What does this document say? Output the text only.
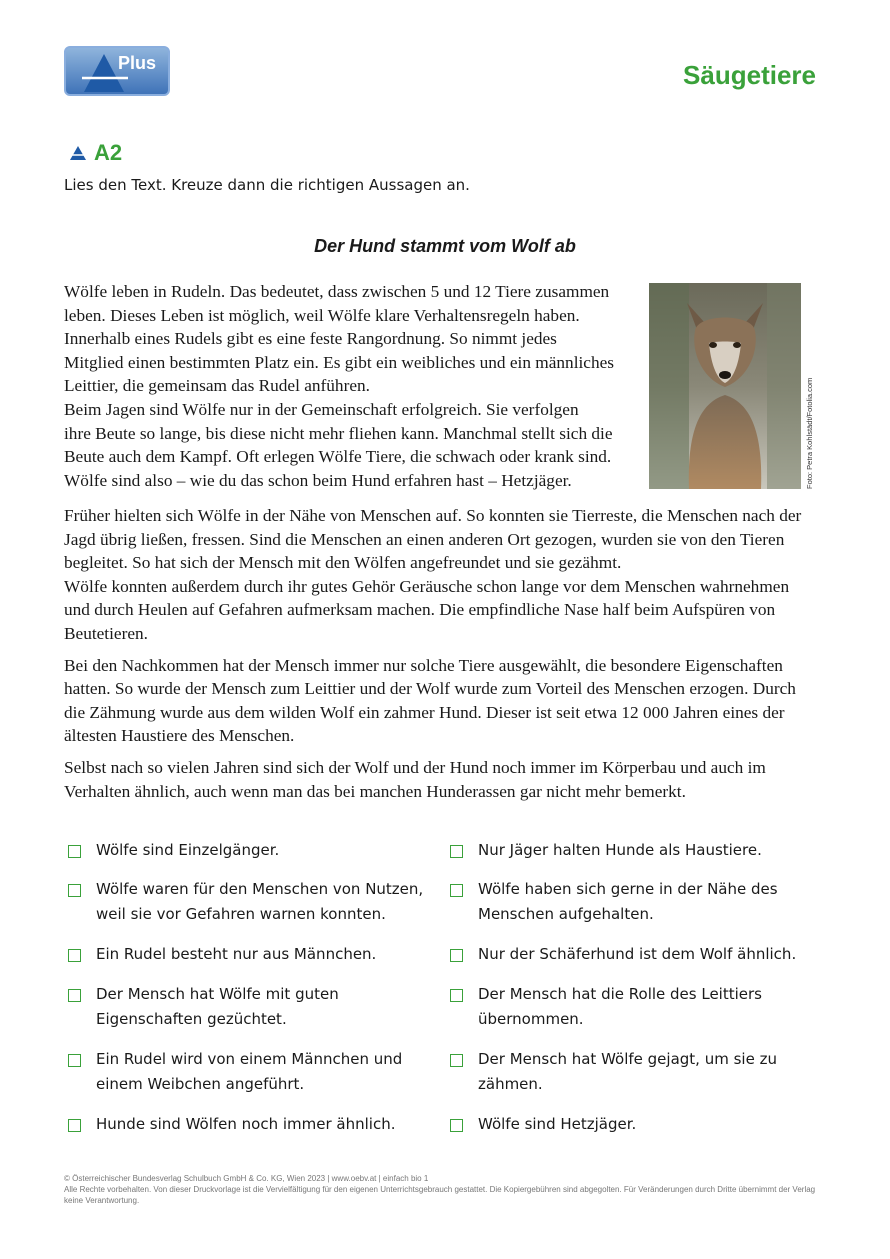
Plus	Säugetiere
A2
Lies den Text. Kreuze dann die richtigen Aussagen an.
Der Hund stammt vom Wolf ab

Wölfe leben in Rudeln. Das bedeutet, dass zwischen 5 und 12 Tiere zusammen

leben. Dieses Leben ist möglich, weil Wölfe klare Verhaltensregeln haben.

Innerhalb eines Rudels gibt es eine feste Rangordnung. So nimmt jedes

Mitglied einen bestimmten Platz ein. Es gibt ein weibliches und ein männliches

Leittier, die gemeinsam das Rudel anführen.

Beim Jagen sind Wölfe nur in der Gemeinschaft erfolgreich. Sie verfolgen

ihre Beute so lange, bis diese nicht mehr fliehen kann. Manchmal stellt sich die

Beute auch dem Kampf. Oft erlegen Wölfe Tiere, die schwach oder krank sind.

Wölfe sind also – wie du das schon beim Hund erfahren hast – Hetzjäger.	Foto: Petra Kohlstädt/Fotolia.com

Früher hielten sich Wölfe in der Nähe von Menschen auf. So konnten sie Tierreste, die Menschen nach der Jagd übrig ließen, fressen. Sind die Menschen an einen anderen Ort gezogen, wurden sie von den Tieren begleitet. So hat sich der Mensch mit den Wölfen angefreundet und sie gezähmt.

Wölfe konnten außerdem durch ihr gutes Gehör Geräusche schon lange vor dem Menschen wahrnehmen und durch Heulen auf Gefahren aufmerksam machen. Die empfindliche Nase half beim Aufspüren von Beutetieren.

Bei den Nachkommen hat der Mensch immer nur solche Tiere ausgewählt, die besondere Eigenschaften hatten. So wurde der Mensch zum Leittier und der Wolf wurde zum Vorteil des Menschen erzogen. Durch die Zähmung wurde aus dem wilden Wolf ein zahmer Hund. Dieser ist seit etwa 12 000 Jahren eines der ältesten Haustiere des Menschen.

Selbst nach so vielen Jahren sind sich der Wolf und der Hund noch immer im Körperbau und auch im Verhalten ähnlich, auch wenn man das bei manchen Hunderassen gar nicht mehr bemerkt.

Wölfe sind Einzelgänger.
Wölfe waren für den Menschen von Nutzen,
weil sie vor Gefahren warnen konnten.
Ein Rudel besteht nur aus Männchen.
Der Mensch hat Wölfe mit guten
Eigenschaften gezüchtet.
Ein Rudel wird von einem Männchen und
einem Weibchen angeführt.
Hunde sind Wölfen noch immer ähnlich.
Nur Jäger halten Hunde als Haustiere.
Wölfe haben sich gerne in der Nähe des
Menschen aufgehalten.
Nur der Schäferhund ist dem Wolf ähnlich.
Der Mensch hat die Rolle des Leittiers
übernommen.
Der Mensch hat Wölfe gejagt, um sie zu
zähmen.
Wölfe sind Hetzjäger.
© Österreichischer Bundesverlag Schulbuch GmbH & Co. KG, Wien 2023 | www.oebv.at | einfach bio 1
Alle Rechte vorbehalten. Von dieser Druckvorlage ist die Vervielfältigung für den eigenen Unterrichtsgebrauch gestattet. Die Kopiergebühren sind abgegolten. Für Veränderungen durch Dritte übernimmt der Verlag keine Verantwortung.
